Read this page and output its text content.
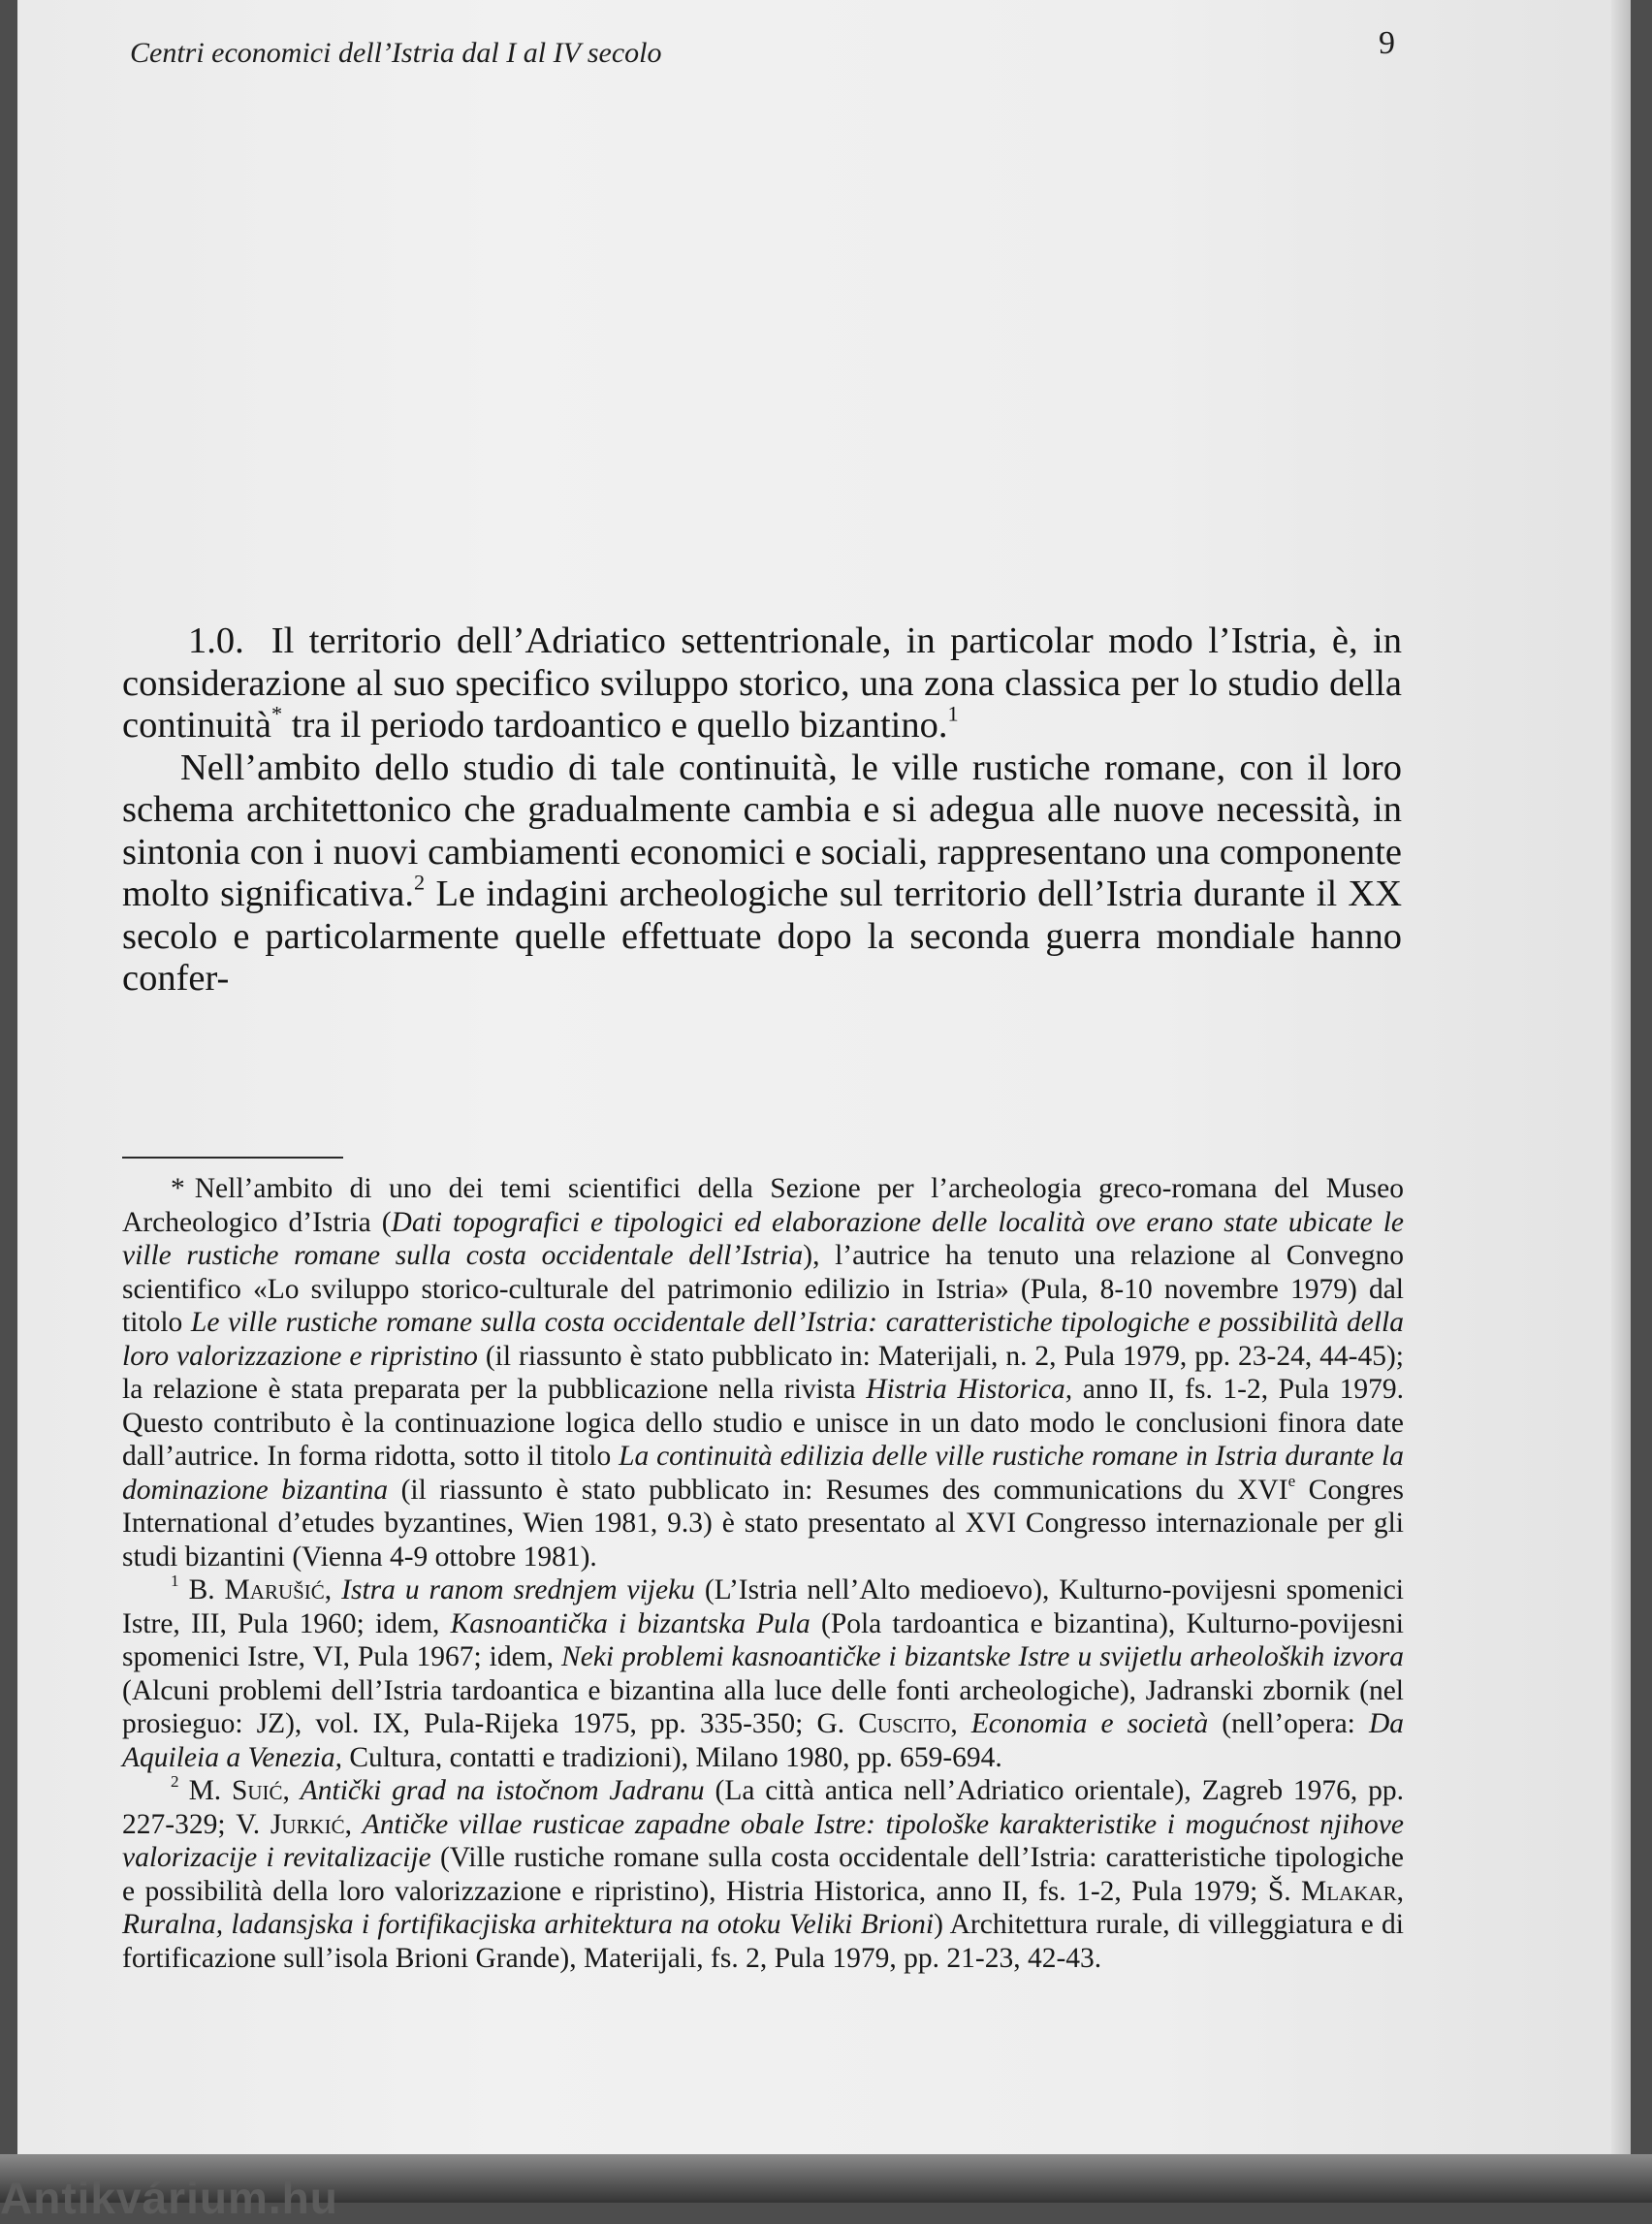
Antikvárium.hu
Centri economici dell’Istria dal I al IV secolo	9

1.0. Il territorio dell’Adriatico settentrionale, in particolar modo l’Istria, è, in considerazione al suo specifico sviluppo storico, una zona classica per lo studio della continuità* tra il periodo tardoantico e quello bizantino.$^1$

Nell’ambito dello studio di tale continuità, le ville rustiche romane, con il loro schema architettonico che gradualmente cambia e si adegua alle nuove necessità, in sintonia con i nuovi cambiamenti economici e sociali, rappresentano una componente molto significativa.$^2$ Le indagini archeologiche sul territorio dell’Istria durante il XX secolo e particolarmente quelle effettuate dopo la seconda guerra mondiale hanno confer-

* Nell’ambito di uno dei temi scientifici della Sezione per l’archeologia greco-romana del Museo Archeologico d’Istria (Dati topografici e tipologici ed elaborazione delle località ove erano state ubicate le ville rustiche romane sulla costa occidentale dell’Istria), l’autrice ha tenuto una relazione al Convegno scientifico «Lo sviluppo storico-culturale del patrimonio edilizio in Istria» (Pula, 8-10 novembre 1979) dal titolo Le ville rustiche romane sulla costa occidentale dell’Istria: caratteristiche tipologiche e possibilità della loro valorizzazione e ripristino (il riassunto è stato pubblicato in: Materijali, n. 2, Pula 1979, pp. 23-24, 44-45); la relazione è stata preparata per la pubblicazione nella rivista Histria Historica, anno II, fs. 1-2, Pula 1979. Questo contributo è la continuazione logica dello studio e unisce in un dato modo le conclusioni finora date dall’autrice. In forma ridotta, sotto il titolo La continuità edilizia delle ville rustiche romane in Istria durante la dominazione bizantina (il riassunto è stato pubblicato in: Resumes des communications du XVIe Congres International d’etudes byzantines, Wien 1981, 9.3) è stato presentato al XVI Congresso internazionale per gli studi bizantini (Vienna 4-9 ottobre 1981).

$^1$ B. Marušić, Istra u ranom srednjem vijeku (L’Istria nell’Alto medioevo), Kulturno-povijesni spomenici Istre, III, Pula 1960; idem, Kasnoantička i bizantska Pula (Pola tardoantica e bizantina), Kulturno-povijesni spomenici Istre, VI, Pula 1967; idem, Neki problemi kasnoantičke i bizantske Istre u svijetlu arheoloških izvora (Alcuni problemi dell’Istria tardoantica e bizantina alla luce delle fonti archeologiche), Jadranski zbornik (nel prosieguo: JZ), vol. IX, Pula-Rijeka 1975, pp. 335-350; G. Cuscito, Economia e società (nell’opera: Da Aquileia a Venezia, Cultura, contatti e tradizioni), Milano 1980, pp. 659-694.

$^2$ M. Suić, Antički grad na istočnom Jadranu (La città antica nell’Adriatico orientale), Zagreb 1976, pp. 227-329; V. Jurkić, Antičke villae rusticae zapadne obale Istre: tipološke karakteristike i mogućnost njihove valorizacije i revitalizacije (Ville rustiche romane sulla costa occidentale dell’Istria: caratteristiche tipologiche e possibilità della loro valorizzazione e ripristino), Histria Historica, anno II, fs. 1-2, Pula 1979; Š. Mlakar, Ruralna, ladansjska i fortifikacjiska arhitektura na otoku Veliki Brioni) Architettura rurale, di villeggiatura e di fortificazione sull’isola Brioni Grande), Materijali, fs. 2, Pula 1979, pp. 21-23, 42-43.
